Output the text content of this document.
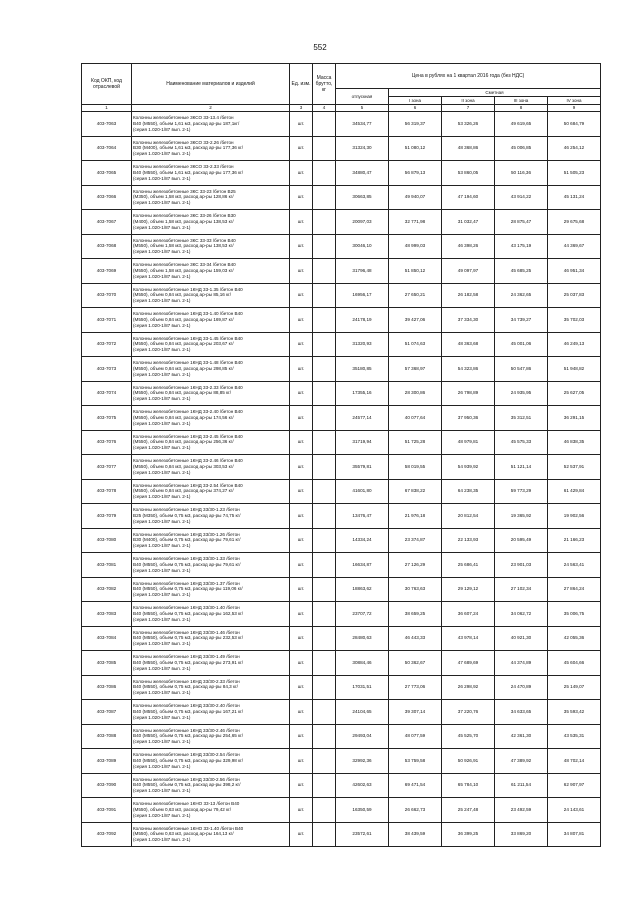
552
Код ОКП, код отраслевой	Наименование материалов и изделий	Ед. изм.	Масса брутто, кг	Цена в рублях на 1 квартал 2016 года (без НДС)				
				отпускная	Сметная			
					I зона	II зона	III зона	IV зона
1	2	3	4	5	6	7	8	9
403-7063	Колонны железобетонные 3КСО 33-13.4 /бетон
В40 (М550), объем 1,61 м3, расход ар-ры 187,1кг/
(серия 1.020-1/87 вып. 2-1)	шт.		34534,77	56 319,37	53 326,26	49 619,65	50 684,79
403-7064	Колонны железобетонные 3КСО 33-2.26 /бетон
В30 (М400), объем 1,61 м3, расход ар-ры 177,36 кг/
(серия 1.020-1/87 вып. 2-1)	шт.		31324,30	51 080,12	48 368,86	45 006,85	46 254,12
403-7065	Колонны железобетонные 3КСО 33-2.33 /бетон
В40 (М550), объем 1,61 м3, расход ар-ры 177,36 кг/
(серия 1.020-1/87 вып. 2-1)	шт.		34880,47	56 879,13	53 860,05	50 116,36	51 505,23
403-7066	Колонны железобетонные 3КС 33-23 /бетон В25
(М350), объем 1,58 м3, расход ар-ры 128,86 кг/
(серия 1.020-1/87 вып. 2-1)	шт.		30663,85	49 940,07	47 194,60	43 914,22	45 131,24
403-7067	Колонны железобетонные 3КС 33-26 /бетон В30
(М400), объем 1,58 м3, расход ар-ры 138,53 кг/
(серия 1.020-1/87 вып. 2-1)	шт.		20097,03	32 771,98	31 032,47	28 875,47	29 675,68
403-7068	Колонны железобетонные 3КС 33-33 /бетон В40
(М550), объем 1,58 м3, расход ар-ры 138,53 кг/
(серия 1.020-1/87 вып. 2-1)	шт.		30046,10	48 999,03	46 398,26	43 175,19	44 369,67
403-7069	Колонны железобетонные 3КС 33-34 /бетон В40
(М550), объем 1,58 м3, расход ар-ры 159,03 кг/
(серия 1.020-1/87 вып. 2-1)	шт.		31796,48	51 850,12	49 097,97	45 685,25	46 951,34
403-7070	Колонны железобетонные 1КНД 33-1.35 /бетон В40
(М550), объем 0,84 м3, расход ар-ры 85,16 кг/
(серия 1.020-1/87 вып. 2-1)	шт.		16956,17	27 650,21	26 182,58	24 362,65	25 037,83
403-7071	Колонны железобетонные 1КНД 33-1.40 /бетон В40
(М550), объем 0,84 м3, расход ар-ры 169,87 кг/
(серия 1.020-1/87 вып. 2-1)	шт.		24178,19	39 427,06	37 334,30	34 739,27	35 702,03
403-7072	Колонны железобетонные 1КНД 33-1.45 /бетон В40
(М550), объем 0,84 м3, расход ар-ры 203,67 кг/
(серия 1.020-1/87 вып. 2-1)	шт.		31320,93	51 074,63	48 363,68	45 001,06	46 249,13
403-7073	Колонны железобетонные 1КНД 33-1.48 /бетон В40
(М550), объем 0,84 м3, расход ар-ры 298,85 кг/
(серия 1.020-1/87 вып. 2-1)	шт.		35180,85	57 368,97	54 323,86	50 547,86	51 948,82
403-7074	Колонны железобетонные 1КНД 33-2.33 /бетон В40
(М550), объем 0,84 м3, расход ар-ры 88,85 кг/
(серия 1.020-1/87 вып. 2-1)	шт.		17355,16	28 300,86	26 798,89	24 935,95	25 627,05
403-7075	Колонны железобетонные 1КНД 33-2.40 /бетон В40
(М550), объем 0,84 м3, расход ар-ры 174,56 кг/
(серия 1.020-1/87 вып. 2-1)	шт.		24577,14	40 077,64	37 950,36	35 312,51	36 291,15
403-7076	Колонны железобетонные 1КНД 33-2.45 /бетон В40
(М550), объем 0,84 м3, расход ар-ры 256,36 кг/
(серия 1.020-1/87 вып. 2-1)	шт.		31719,94	51 725,28	48 979,81	45 575,33	46 838,35
403-7077	Колонны железобетонные 1КНД 33-2.46 /бетон В40
(М550), объем 0,84 м3, расход ар-ры 303,53 кг/
(серия 1.020-1/87 вып. 2-1)	шт.		35579,81	58 019,55	54 939,92	51 121,14	52 537,91
403-7078	Колонны железобетонные 1КНД 33-2.54 /бетон В40
(М550), объем 0,84 м3, расход ар-ры 374,27 кг/
(серия 1.020-1/87 вып. 2-1)	шт.		41601,80	67 838,22	64 238,35	59 773,29	61 429,84
403-7079	Колонны железобетонные 1КНД 33/30-1.23 /бетон
В25 (М350), объем 0,75 м3, расход ар-ры 74,75 кг/
(серия 1.020-1/87 вып. 2-1)	шт.		13476,47	21 976,18	20 812,54	19 365,92	19 902,56
403-7080	Колонны железобетонные 1КНД 33/30-1.26 /бетон
В30 (М400), объем 0,75 м3, расход ар-ры 79,61 кг/
(серия 1.020-1/87 вып. 2-1)	шт.		14334,24	23 374,87	22 133,93	20 595,49	21 166,23
403-7081	Колонны железобетонные 1КНД 33/30-1.33 /бетон
В40 (М550), объем 0,75 м3, расход ар-ры 79,61 кг/
(серия 1.020-1/87 вып. 2-1)	шт.		16634,87	27 126,29	25 686,41	23 901,03	24 563,41
403-7082	Колонны железобетонные 1КНД 33/30-1.37 /бетон
В40 (М550), объем 0,75 м3, расход ар-ры 119,06 кг/
(серия 1.020-1/87 вып. 2-1)	шт.		18863,62	30 763,63	29 129,12	27 102,34	27 864,24
403-7083	Колонны железобетонные 1КНД 33/30-1.40 /бетон
В40 (М550), объем 0,75 м3, расход ар-ры 162,53 кг/
(серия 1.020-1/87 вып. 2-1)	шт.		23707,72	38 659,25	36 607,24	34 062,72	35 006,75
403-7084	Колонны железобетонные 1КНД 33/30-1.46 /бетон
В40 (М550), объем 0,75 м3, расход ар-ры 232,53 кг/
(серия 1.020-1/87 вып. 2-1)	шт.		28480,63	46 443,33	43 978,14	40 921,30	42 055,36
403-7085	Колонны железобетонные 1КНД 33/30-1.49 /бетон
В40 (М550), объем 0,75 м3, расход ар-ры 273,91 кг/
(серия 1.020-1/87 вып. 2-1)	шт.		30884,46	50 362,67	47 689,69	44 374,89	45 604,66
403-7086	Колонны железобетонные 1КНД 33/30-2.33 /бетон
В40 (М550), объем 0,75 м3, расход ар-ры 84,3 кг/
(серия 1.020-1/87 вып. 2-1)	шт.		17031,51	27 773,06	26 298,92	24 470,89	25 149,07
403-7087	Колонны железобетонные 1КНД 33/30-2.40 /бетон
В40 (М550), объем 0,75 м3, расход ар-ры 167,21 кг/
(серия 1.020-1/87 вып. 2-1)	шт.		24104,65	39 307,14	37 220,76	34 633,65	35 593,42
403-7088	Колонны железобетонные 1КНД 33/30-2.46 /бетон
В40 (М550), объем 0,75 м3, расход ар-ры 254,65 кг/
(серия 1.020-1/87 вып. 2-1)	шт.		29493,04	48 077,59	45 525,70	42 361,30	43 535,31
403-7089	Колонны железобетонные 1КНД 33/30-2.54 /бетон
В40 (М550), объем 0,75 м3, расход ар-ры 329,98 кг/
(серия 1.020-1/87 вып. 2-1)	шт.		32992,36	53 759,58	50 926,91	47 389,92	48 702,14
403-7090	Колонны железобетонные 1КНД 33/30-2.56 /бетон
В40 (М550), объем 0,75 м3, расход ар-ры 398,2 кг/
(серия 1.020-1/87 вып. 2-1)	шт.		42602,63	69 471,54	65 784,10	61 211,54	62 907,97
403-7091	Колонны железобетонные 1КНО 33-13 /бетон В40
(М550), объем 0,63 м3, расход ар-ры 79,42 кг/
(серия 1.020-1/87 вып. 2-1)	шт.		16350,59	26 662,73	25 247,48	23 492,59	24 143,61
403-7092	Колонны железобетонные 1КНО 33-1.40 /бетон В40
(М550), объем 0,63 м3, расход ар-ры 164,13 кг/
(серия 1.020-1/87 вып. 2-1)	шт.		23572,61	38 439,59	36 399,25	33 869,20	34 807,81
